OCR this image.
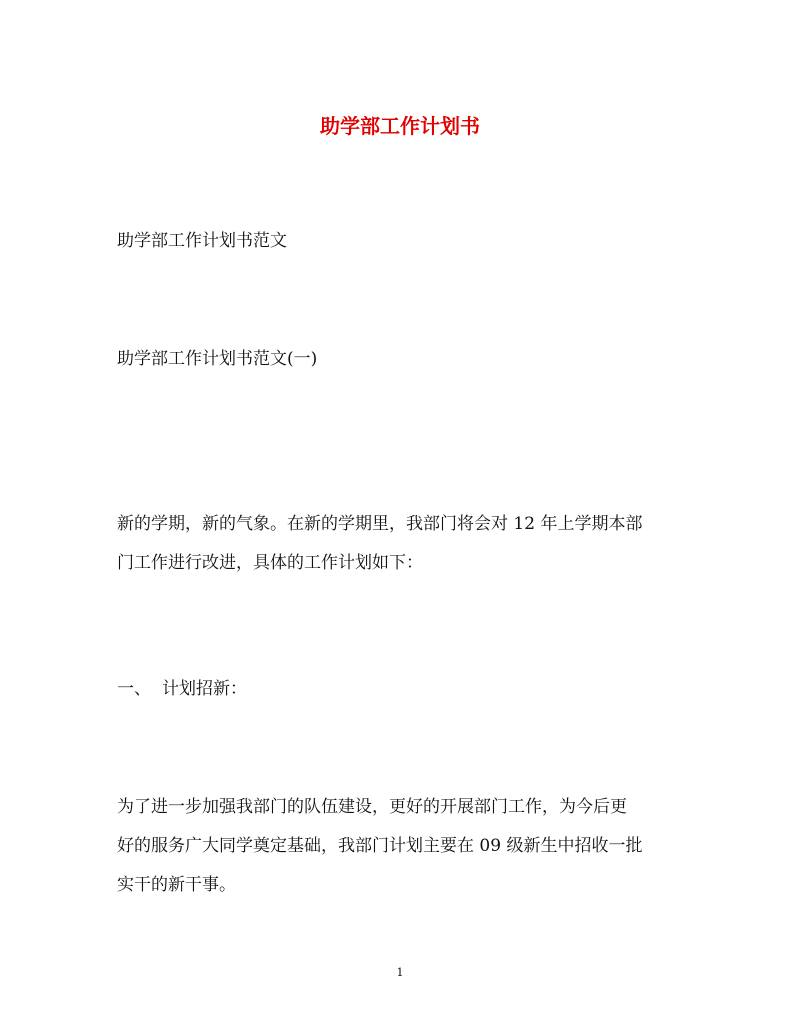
助学部工作计划书
助学部工作计划书范文
助学部工作计划书范文(一)
新的学期，新的气象。在新的学期里，我部门将会对 12 年上学期本部
门工作进行改进，具体的工作计划如下：
一、 计划招新：
为了进一步加强我部门的队伍建设，更好的开展部门工作，为今后更
好的服务广大同学奠定基础，我部门计划主要在 09 级新生中招收一批
实干的新干事。
1
